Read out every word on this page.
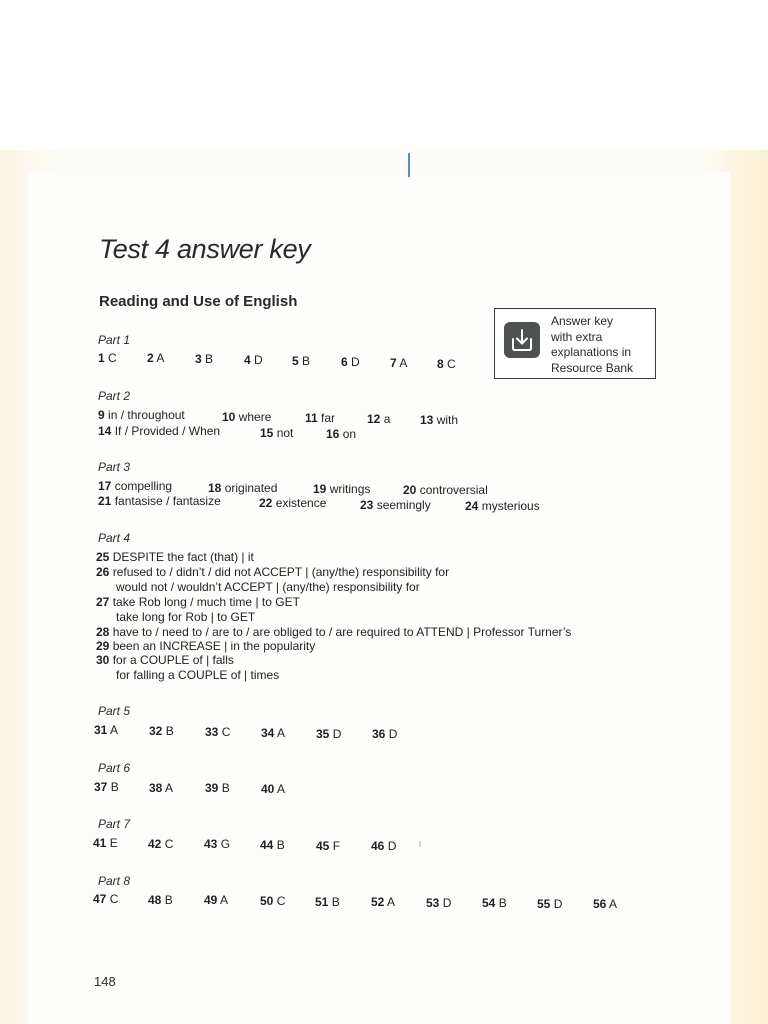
Test 4 answer key
Reading and Use of English
Answer key
with extra
explanations in
Resource Bank
Part 1
1 C	2 A	3 B	4 D 5 B	6 D	7 A 8 C
Part 2
9 in / throughout	10 where	11 far	12 a 13 with
14 If / Provided / When	15 not	16 on
Part 3
17 compelling	18 originated	19 writings	20 controversial
21 fantasise / fantasize	22 existence	23 seemingly	24 mysterious
Part 4
25 DESPITE the fact (that) | it
26 refused to / didn’t / did not ACCEPT | (any/the) responsibility for
would not / wouldn’t ACCEPT | (any/the) responsibility for
27 take Rob long / much time | to GET
take long for Rob | to GET
28 have to / need to / are to / are obliged to / are required to ATTEND | Professor Turner’s
29 been an INCREASE | in the popularity
30 for a COUPLE of | falls
for falling a COUPLE of | times
Part 5
31 A	32 B	33 C	34 A	35 D	36 D
Part 6
37 B	38 A	39 B	40 A
Part 7
41 E	42 C	43 G 44 B	45 F	46 D
Part 8
47 C 48 B	49 A	50 C 51 B	52 A	53 D	54 B	55 D	56 A
148
